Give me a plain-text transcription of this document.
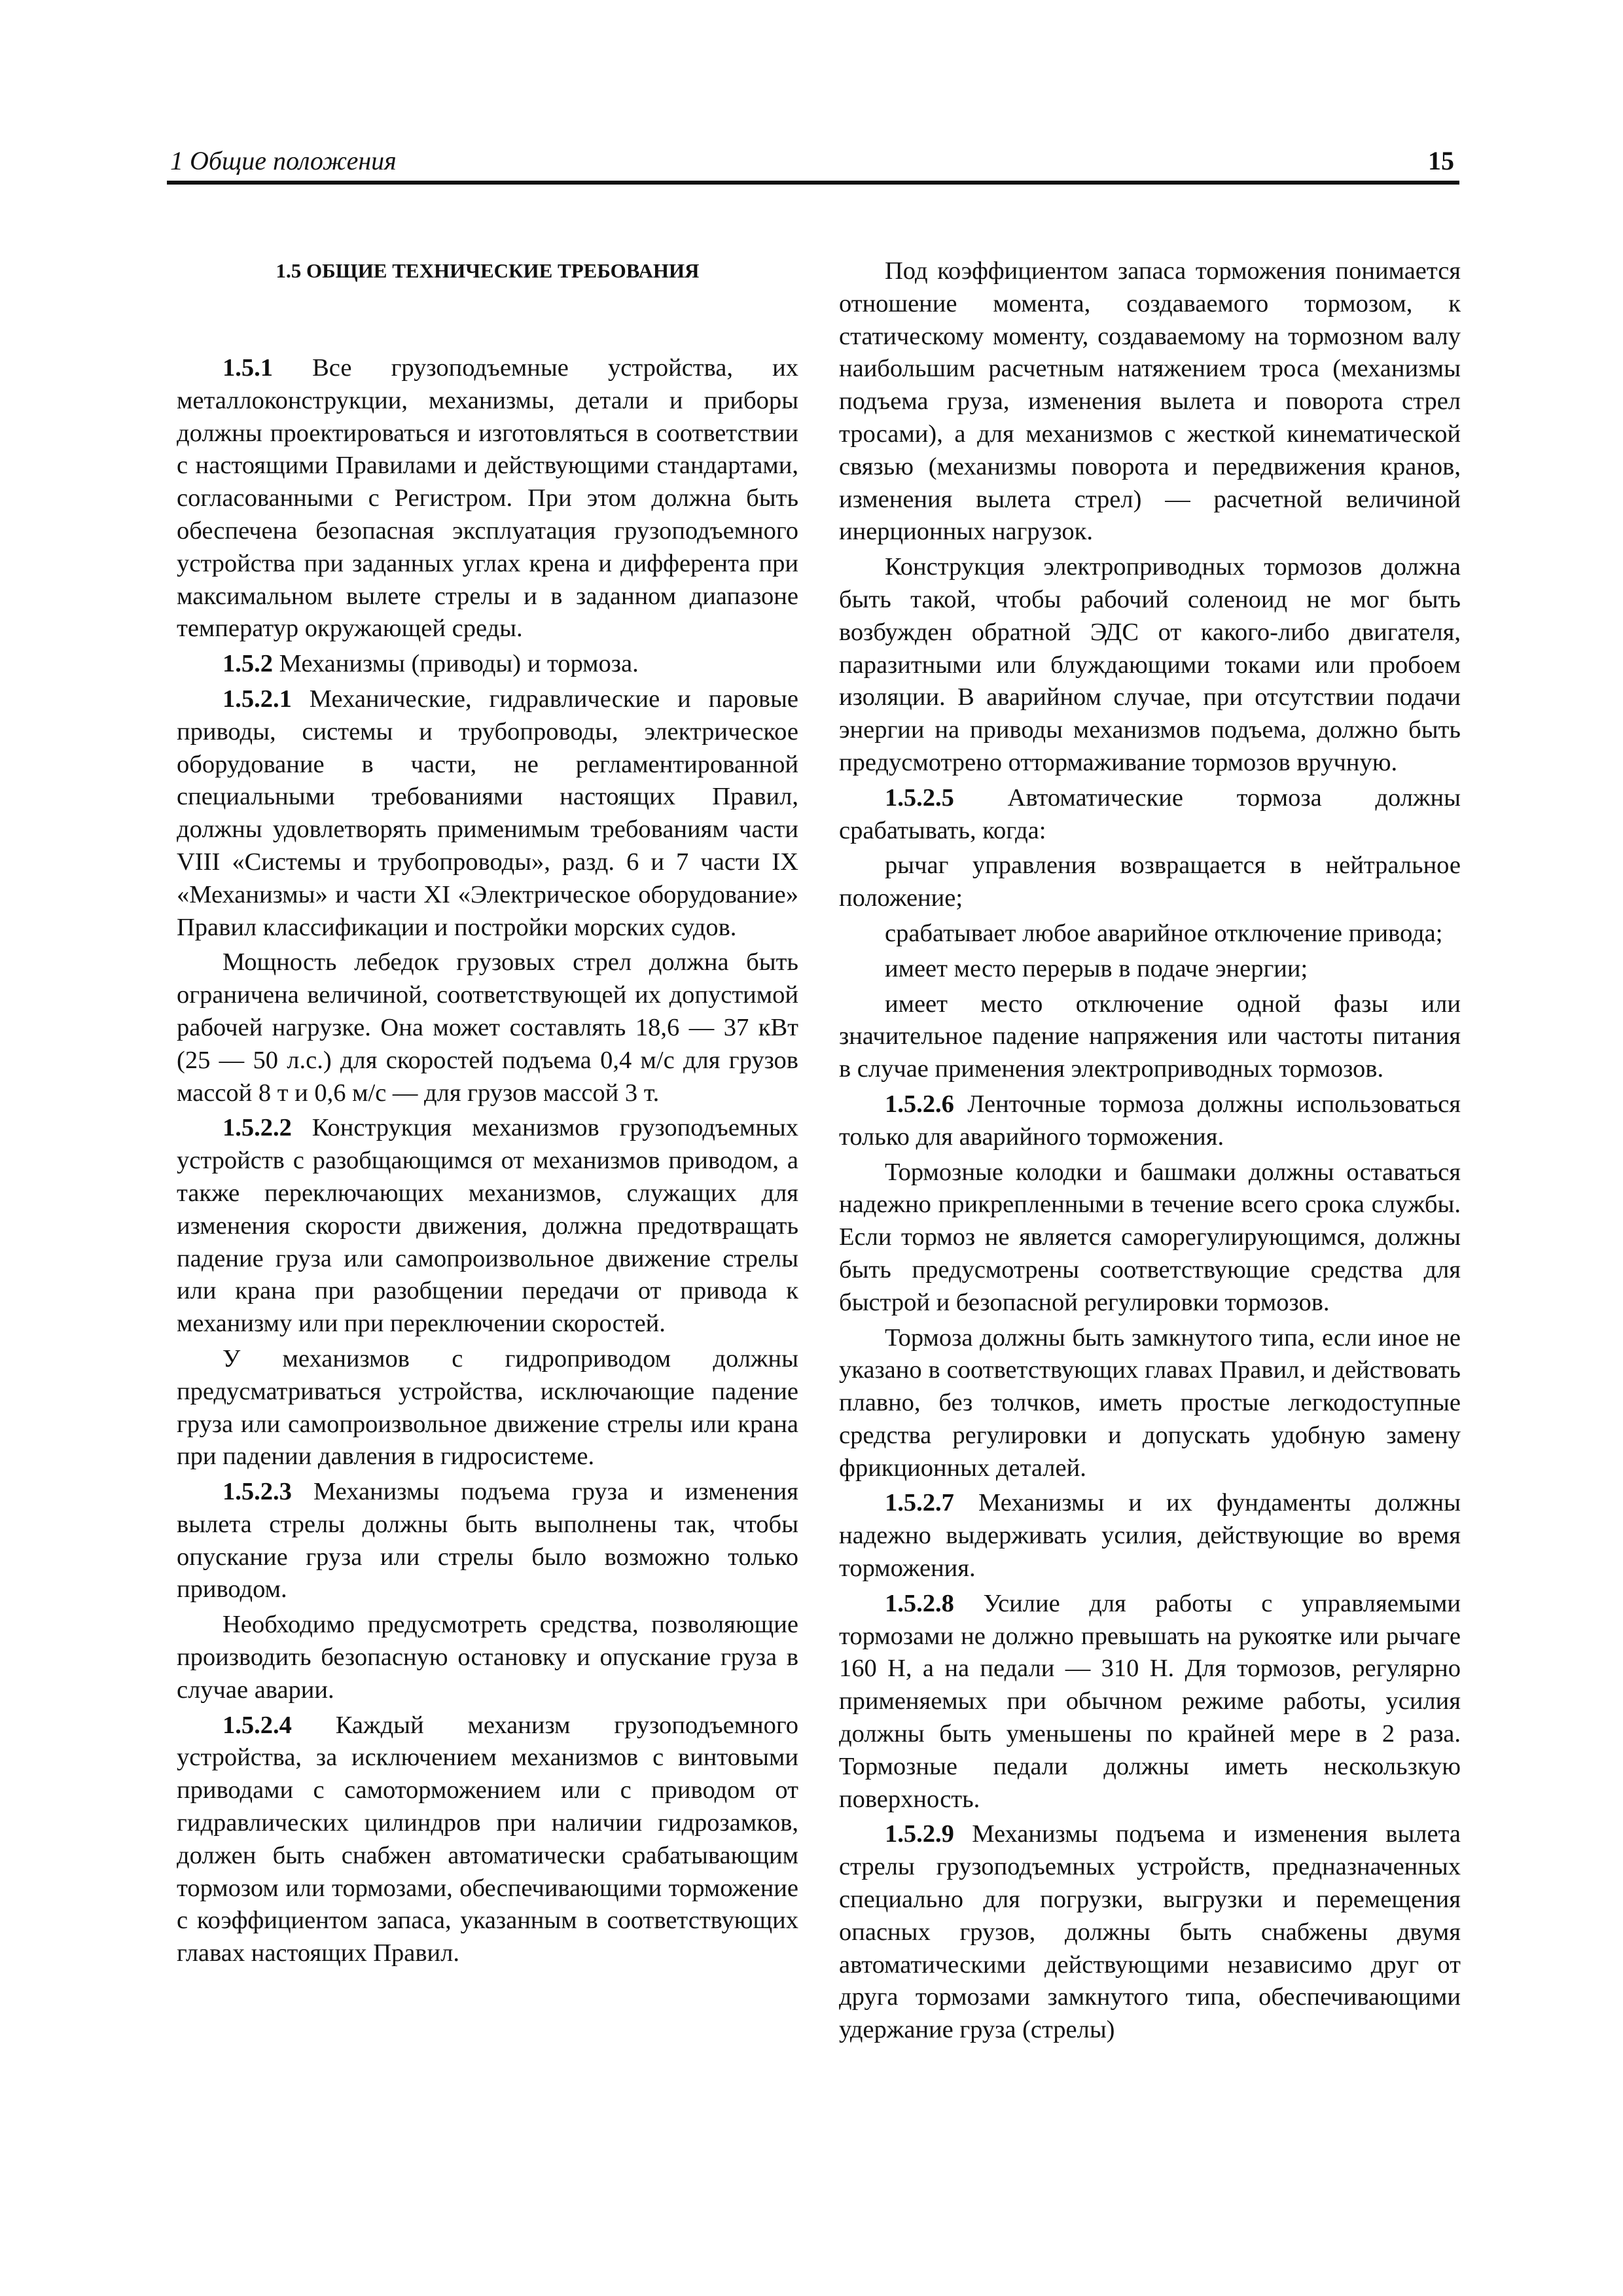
1 Общие положения	15
1.5 ОБЩИЕ ТЕХНИЧЕСКИЕ ТРЕБОВАНИЯ

1.5.1 Все грузоподъемные устройства, их металлоконструкции, механизмы, детали и приборы должны проектироваться и изготовляться в соответствии с настоящими Правилами и действующими стандартами, согласованными с Регистром. При этом должна быть обеспечена безопасная эксплуатация грузоподъемного устройства при заданных углах крена и дифферента при максимальном вылете стрелы и в заданном диапазоне температур окружающей среды.

1.5.2 Механизмы (приводы) и тормоза.

1.5.2.1 Механические, гидравлические и паровые приводы, системы и трубопроводы, электрическое оборудование в части, не регламентированной специальными требованиями настоящих Правил, должны удовлетворять применимым требованиям части VIII «Системы и трубопроводы», разд. 6 и 7 части IX «Механизмы» и части XI «Электрическое оборудование» Правил классификации и постройки морских судов.

Мощность лебедок грузовых стрел должна быть ограничена величиной, соответствующей их допустимой рабочей нагрузке. Она может составлять 18,6 — 37 кВт (25 — 50 л.с.) для скоростей подъема 0,4 м/с для грузов массой 8 т и 0,6 м/с — для грузов массой 3 т.

1.5.2.2 Конструкция механизмов грузоподъемных устройств с разобщающимся от механизмов приводом, а также переключающих механизмов, служащих для изменения скорости движения, должна предотвращать падение груза или самопроизвольное движение стрелы или крана при разобщении передачи от привода к механизму или при переключении скоростей.

У механизмов с гидроприводом должны предусматриваться устройства, исключающие падение груза или самопроизвольное движение стрелы или крана при падении давления в гидросистеме.

1.5.2.3 Механизмы подъема груза и изменения вылета стрелы должны быть выполнены так, чтобы опускание груза или стрелы было возможно только приводом.

Необходимо предусмотреть средства, позволяющие производить безопасную остановку и опускание груза в случае аварии.

1.5.2.4 Каждый механизм грузоподъемного устройства, за исключением механизмов с винтовыми приводами с самоторможением или с приводом от гидравлических цилиндров при наличии гидрозамков, должен быть снабжен автоматически срабатывающим тормозом или тормозами, обеспечивающими торможение с коэффициентом запаса, указанным в соответствующих главах настоящих Правил.

Под коэффициентом запаса торможения понимается отношение момента, создаваемого тормозом, к статическому моменту, создаваемому на тормозном валу наибольшим расчетным натяжением троса (механизмы подъема груза, изменения вылета и поворота стрел тросами), а для механизмов с жесткой кинематической связью (механизмы поворота и передвижения кранов, изменения вылета стрел) — расчетной величиной инерционных нагрузок.

Конструкция электроприводных тормозов должна быть такой, чтобы рабочий соленоид не мог быть возбужден обратной ЭДС от какого-либо двигателя, паразитными или блуждающими токами или пробоем изоляции. В аварийном случае, при отсутствии подачи энергии на приводы механизмов подъема, должно быть предусмотрено оттормаживание тормозов вручную.

1.5.2.5 Автоматические тормоза должны срабатывать, когда:

рычаг управления возвращается в нейтральное положение;

срабатывает любое аварийное отключение привода;

имеет место перерыв в подаче энергии;

имеет место отключение одной фазы или значительное падение напряжения или частоты питания в случае применения электроприводных тормозов.

1.5.2.6 Ленточные тормоза должны использоваться только для аварийного торможения.

Тормозные колодки и башмаки должны оставаться надежно прикрепленными в течение всего срока службы. Если тормоз не является саморегулирующимся, должны быть предусмотрены соответствующие средства для быстрой и безопасной регулировки тормозов.

Тормоза должны быть замкнутого типа, если иное не указано в соответствующих главах Правил, и действовать плавно, без толчков, иметь простые легкодоступные средства регулировки и допускать удобную замену фрикционных деталей.

1.5.2.7 Механизмы и их фундаменты должны надежно выдерживать усилия, действующие во время торможения.

1.5.2.8 Усилие для работы с управляемыми тормозами не должно превышать на рукоятке или рычаге 160 Н, а на педали — 310 Н. Для тормозов, регулярно применяемых при обычном режиме работы, усилия должны быть уменьшены по крайней мере в 2 раза. Тормозные педали должны иметь нескользкую поверхность.

1.5.2.9 Механизмы подъема и изменения вылета стрелы грузоподъемных устройств, предназначенных специально для погрузки, выгрузки и перемещения опасных грузов, должны быть снабжены двумя автоматическими действующими независимо друг от друга тормозами замкнутого типа, обеспечивающими удержание груза (стрелы)
